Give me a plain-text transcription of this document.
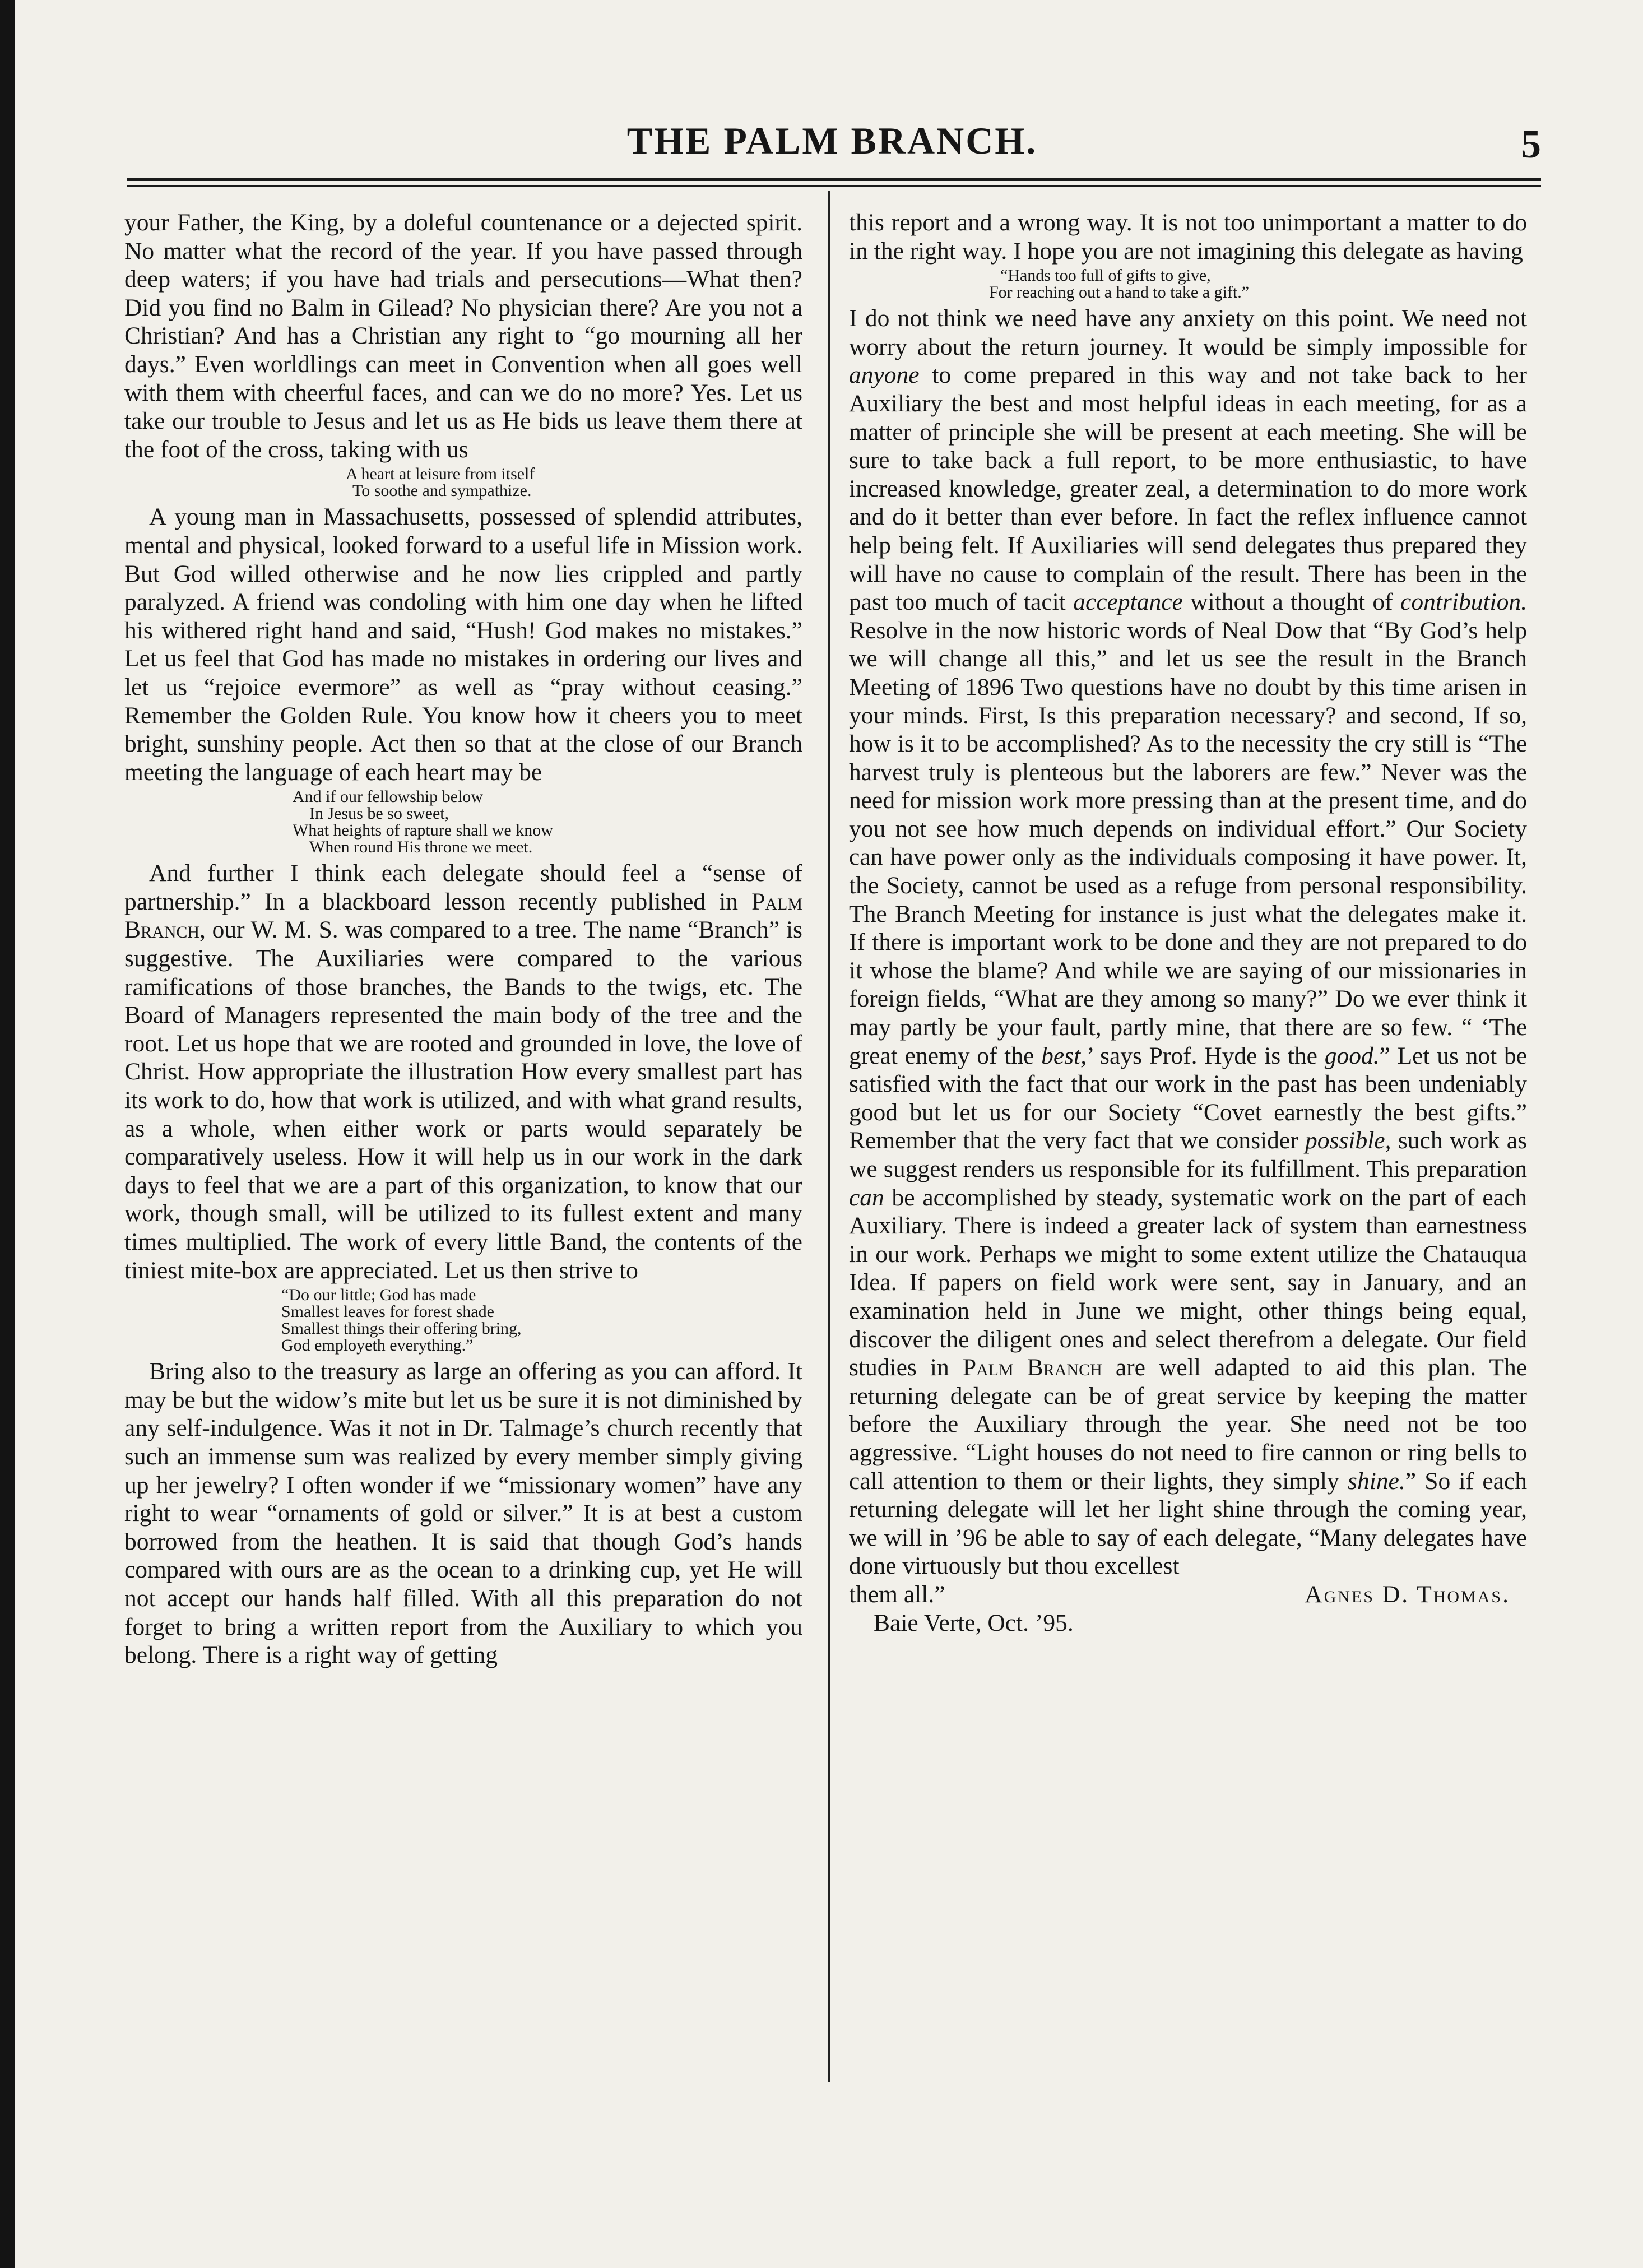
THE PALM BRANCH.	5

your Father, the King, by a doleful countenance or a dejected spirit. No matter what the record of the year. If you have passed through deep waters; if you have had trials and persecutions—What then? Did you find no Balm in Gilead? No physician there? Are you not a Christian? And has a Christian any right to “go mourning all her days.” Even worldlings can meet in Convention when all goes well with them with cheerful faces, and can we do no more? Yes. Let us take our trouble to Jesus and let us as He bids us leave them there at the foot of the cross, taking with us

A heart at leisure from itself
To soothe and sympathize.

A young man in Massachusetts, possessed of splendid attributes, mental and physical, looked forward to a useful life in Mission work. But God willed otherwise and he now lies crippled and partly paralyzed. A friend was condoling with him one day when he lifted his withered right hand and said, “Hush! God makes no mistakes.” Let us feel that God has made no mistakes in ordering our lives and let us “rejoice evermore” as well as “pray without ceasing.” Remember the Golden Rule. You know how it cheers you to meet bright, sunshiny people. Act then so that at the close of our Branch meeting the language of each heart may be

And if our fellowship below
In Jesus be so sweet,
What heights of rapture shall we know
When round His throne we meet.

And further I think each delegate should feel a “sense of partnership.” In a blackboard lesson recently published in Palm Branch, our W. M. S. was compared to a tree. The name “Branch” is suggestive. The Auxiliaries were compared to the various ramifications of those branches, the Bands to the twigs, etc. The Board of Managers represented the main body of the tree and the root. Let us hope that we are rooted and grounded in love, the love of Christ. How appropriate the illustration How every smallest part has its work to do, how that work is utilized, and with what grand results, as a whole, when either work or parts would separately be comparatively useless. How it will help us in our work in the dark days to feel that we are a part of this organization, to know that our work, though small, will be utilized to its fullest extent and many times multiplied. The work of every little Band, the contents of the tiniest mite-box are appreciated. Let us then strive to

“Do our little; God has made
Smallest leaves for forest shade
Smallest things their offering bring,
God employeth everything.”

Bring also to the treasury as large an offering as you can afford. It may be but the widow’s mite but let us be sure it is not diminished by any self-indulgence. Was it not in Dr. Talmage’s church recently that such an immense sum was realized by every member simply giving up her jewelry? I often wonder if we “missionary women” have any right to wear “ornaments of gold or silver.” It is at best a custom borrowed from the heathen. It is said that though God’s hands compared with ours are as the ocean to a drinking cup, yet He will not accept our hands half filled. With all this preparation do not forget to bring a written report from the Auxiliary to which you belong. There is a right way of getting

this report and a wrong way. It is not too unimportant a matter to do in the right way. I hope you are not imagining this delegate as having

“Hands too full of gifts to give,
For reaching out a hand to take a gift.”

I do not think we need have any anxiety on this point. We need not worry about the return journey. It would be simply impossible for anyone to come prepared in this way and not take back to her Auxiliary the best and most helpful ideas in each meeting, for as a matter of principle she will be present at each meeting. She will be sure to take back a full report, to be more enthusiastic, to have increased knowledge, greater zeal, a determination to do more work and do it better than ever before. In fact the reflex influence cannot help being felt. If Auxiliaries will send delegates thus prepared they will have no cause to complain of the result. There has been in the past too much of tacit acceptance without a thought of contribution. Resolve in the now historic words of Neal Dow that “By God’s help we will change all this,” and let us see the result in the Branch Meeting of 1896 Two questions have no doubt by this time arisen in your minds. First, Is this preparation necessary? and second, If so, how is it to be accomplished? As to the necessity the cry still is “The harvest truly is plenteous but the laborers are few.” Never was the need for mission work more pressing than at the present time, and do you not see how much depends on individual effort.” Our Society can have power only as the individuals composing it have power. It, the Society, cannot be used as a refuge from personal responsibility. The Branch Meeting for instance is just what the delegates make it. If there is important work to be done and they are not prepared to do it whose the blame? And while we are saying of our missionaries in foreign fields, “What are they among so many?” Do we ever think it may partly be your fault, partly mine, that there are so few. “ ‘The great enemy of the best,’ says Prof. Hyde is the good.” Let us not be satisfied with the fact that our work in the past has been undeniably good but let us for our Society “Covet earnestly the best gifts.” Remember that the very fact that we consider possible, such work as we suggest renders us responsible for its fulfillment. This preparation can be accomplished by steady, systematic work on the part of each Auxiliary. There is indeed a greater lack of system than earnestness in our work. Perhaps we might to some extent utilize the Chatauqua Idea. If papers on field work were sent, say in January, and an examination held in June we might, other things being equal, discover the diligent ones and select therefrom a delegate. Our field studies in Palm Branch are well adapted to aid this plan. The returning delegate can be of great service by keeping the matter before the Auxiliary through the year. She need not be too aggressive. “Light houses do not need to fire cannon or ring bells to call attention to them or their lights, they simply shine.” So if each returning delegate will let her light shine through the coming year, we will in ’96 be able to say of each delegate, “Many delegates have done virtuously but thou excellest

them all.”	Agnes D. Thomas.

Baie Verte, Oct. ’95.
